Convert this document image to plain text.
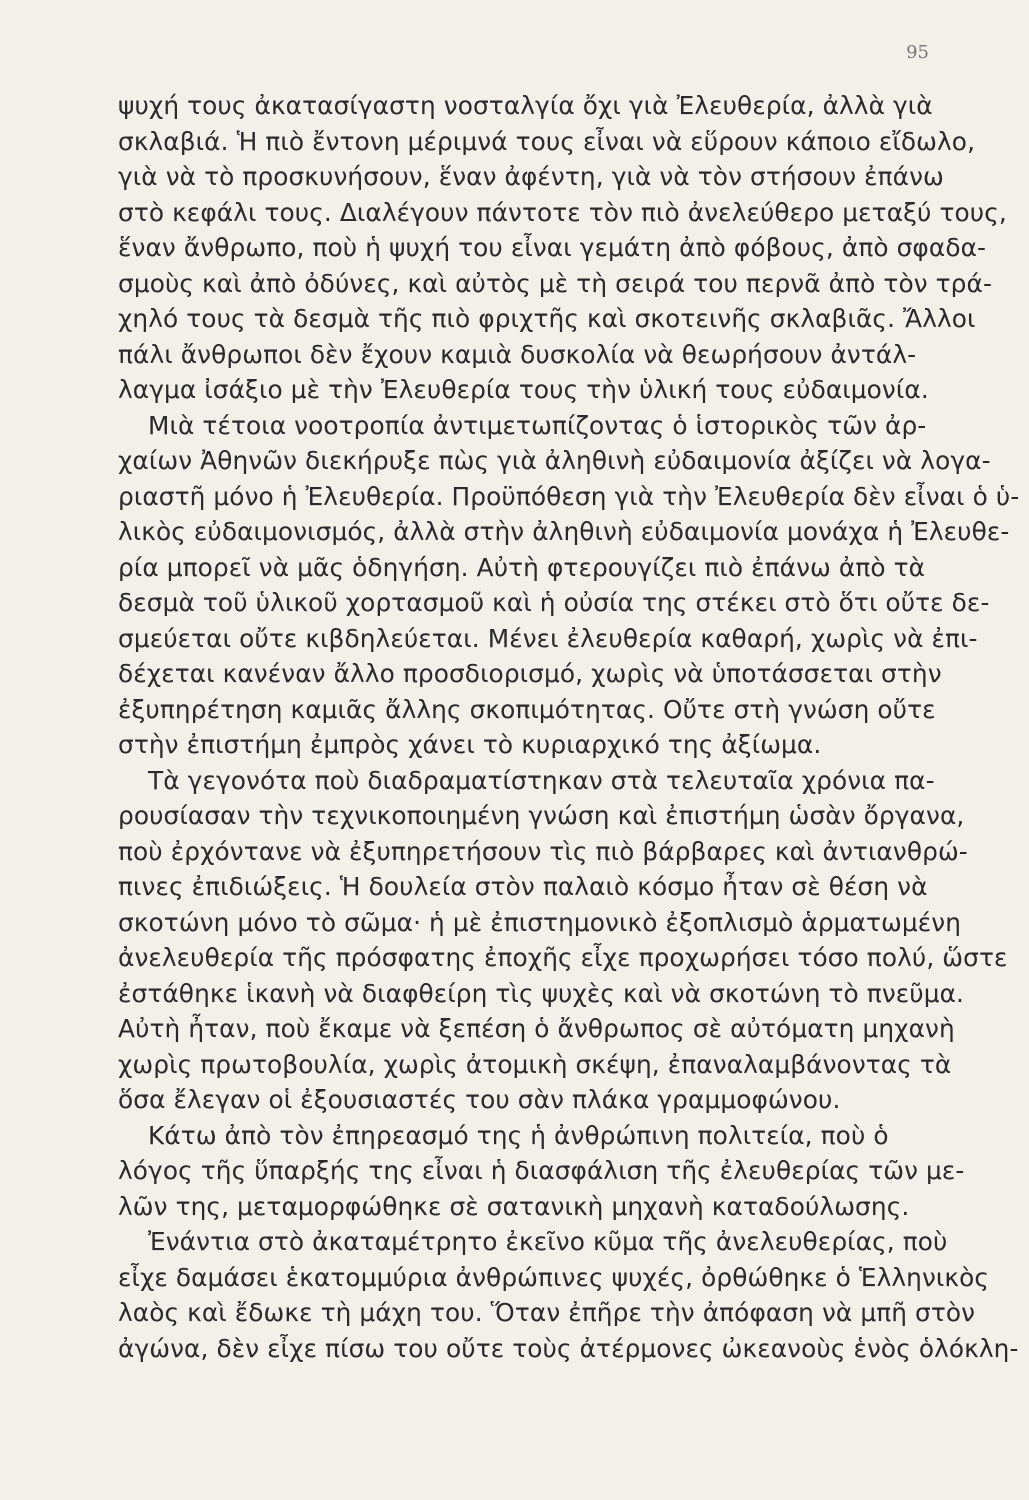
95

ψυχή τους ἀκατασίγαστη νοσταλγία ὄχι γιὰ Ἐλευθερία, ἀλλὰ γιὰ
σκλαβιά. Ἡ πιὸ ἔντονη μέριμνά τους εἶναι νὰ εὕρουν κάποιο εἴδωλο,
γιὰ νὰ τὸ προσκυνήσουν, ἕναν ἀφέντη, γιὰ νὰ τὸν στήσουν ἐπάνω
στὸ κεφάλι τους. Διαλέγουν πάντοτε τὸν πιὸ ἀνελεύθερο μεταξύ τους,
ἕναν ἄνθρωπο, ποὺ ἡ ψυχή του εἶναι γεμάτη ἀπὸ φόβους, ἀπὸ σφαδα-
σμοὺς καὶ ἀπὸ ὀδύνες, καὶ αὐτὸς μὲ τὴ σειρά του περνᾶ ἀπὸ τὸν τρά-
χηλό τους τὰ δεσμὰ τῆς πιὸ φριχτῆς καὶ σκοτεινῆς σκλαβιᾶς. Ἄλλοι
πάλι ἄνθρωποι δὲν ἔχουν καμιὰ δυσκολία νὰ θεωρήσουν ἀντάλ-
λαγμα ἰσάξιο μὲ τὴν Ἐλευθερία τους τὴν ὑλική τους εὐδαιμονία.

Μιὰ τέτοια νοοτροπία ἀντιμετωπίζοντας ὁ ἱστορικὸς τῶν ἀρ-
χαίων Ἀθηνῶν διεκήρυξε πὼς γιὰ ἀληθινὴ εὐδαιμονία ἀξίζει νὰ λογα-
ριαστῆ μόνο ἡ Ἐλευθερία. Προϋπόθεση γιὰ τὴν Ἐλευθερία δὲν εἶναι ὁ ὑ-
λικὸς εὐδαιμονισμός, ἀλλὰ στὴν ἀληθινὴ εὐδαιμονία μονάχα ἡ Ἐλευθε-
ρία μπορεῖ νὰ μᾶς ὁδηγήση. Αὐτὴ φτερουγίζει πιὸ ἐπάνω ἀπὸ τὰ
δεσμὰ τοῦ ὑλικοῦ χορτασμοῦ καὶ ἡ οὐσία της στέκει στὸ ὅτι οὔτε δε-
σμεύεται οὔτε κιβδηλεύεται. Μένει ἐλευθερία καθαρή, χωρὶς νὰ ἐπι-
δέχεται κανέναν ἄλλο προσδιορισμό, χωρὶς νὰ ὑποτάσσεται στὴν
ἐξυπηρέτηση καμιᾶς ἄλλης σκοπιμότητας. Οὔτε στὴ γνώση οὔτε
στὴν ἐπιστήμη ἐμπρὸς χάνει τὸ κυριαρχικό της ἀξίωμα.

Τὰ γεγονότα ποὺ διαδραματίστηκαν στὰ τελευταῖα χρόνια πα-
ρουσίασαν τὴν τεχνικοποιημένη γνώση καὶ ἐπιστήμη ὡσὰν ὄργανα,
ποὺ ἐρχόντανε νὰ ἐξυπηρετήσουν τὶς πιὸ βάρβαρες καὶ ἀντιανθρώ-
πινες ἐπιδιώξεις. Ἡ δουλεία στὸν παλαιὸ κόσμο ἦταν σὲ θέση νὰ
σκοτώνη μόνο τὸ σῶμα· ἡ μὲ ἐπιστημονικὸ ἐξοπλισμὸ ἁρματωμένη
ἀνελευθερία τῆς πρόσφατης ἐποχῆς εἶχε προχωρήσει τόσο πολύ, ὥστε
ἐστάθηκε ἱκανὴ νὰ διαφθείρη τὶς ψυχὲς καὶ νὰ σκοτώνη τὸ πνεῦμα.
Αὐτὴ ἦταν, ποὺ ἔκαμε νὰ ξεπέση ὁ ἄνθρωπος σὲ αὐτόματη μηχανὴ
χωρὶς πρωτοβουλία, χωρὶς ἀτομικὴ σκέψη, ἐπαναλαμβάνοντας τὰ
ὅσα ἔλεγαν οἱ ἐξουσιαστές του σὰν πλάκα γραμμοφώνου.

Κάτω ἀπὸ τὸν ἐπηρεασμό της ἡ ἀνθρώπινη πολιτεία, ποὺ ὁ
λόγος τῆς ὕπαρξής της εἶναι ἡ διασφάλιση τῆς ἐλευθερίας τῶν με-
λῶν της, μεταμορφώθηκε σὲ σατανικὴ μηχανὴ καταδούλωσης.

Ἐνάντια στὸ ἀκαταμέτρητο ἐκεῖνο κῦμα τῆς ἀνελευθερίας, ποὺ
εἶχε δαμάσει ἑκατομμύρια ἀνθρώπινες ψυχές, ὀρθώθηκε ὁ Ἑλληνικὸς
λαὸς καὶ ἔδωκε τὴ μάχη του. Ὅταν ἐπῆρε τὴν ἀπόφαση νὰ μπῆ στὸν
ἀγώνα, δὲν εἶχε πίσω του οὔτε τοὺς ἀτέρμονες ὠκεανοὺς ἑνὸς ὁλόκλη-
